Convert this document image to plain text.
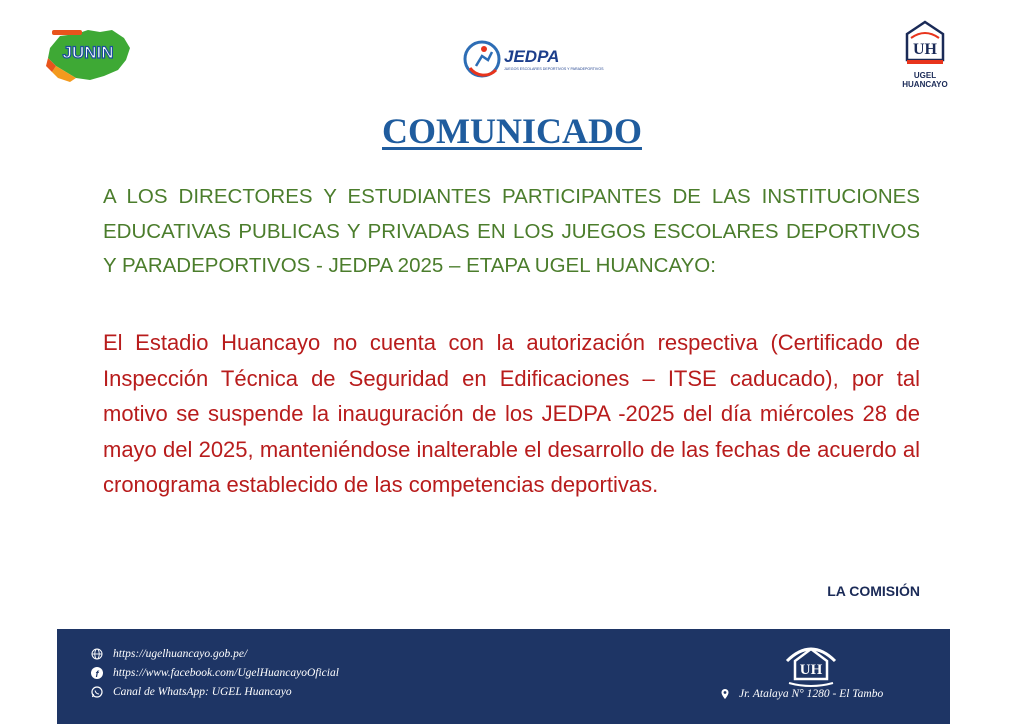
JUNIN	JEDPA
JUEGOS ESCOLARES DEPORTIVOS Y PARADEPORTIVOS
UH
UGEL
HUANCAYO
COMUNICADO
A LOS DIRECTORES Y ESTUDIANTES PARTICIPANTES DE LAS INSTITUCIONES EDUCATIVAS PUBLICAS Y PRIVADAS EN LOS JUEGOS ESCOLARES DEPORTIVOS Y PARADEPORTIVOS - JEDPA 2025 – ETAPA UGEL HUANCAYO:
El Estadio Huancayo no cuenta con la autorización respectiva (Certificado de Inspección Técnica de Seguridad en Edificaciones – ITSE caducado), por tal motivo se suspende la inauguración de los JEDPA -2025 del día miércoles 28 de mayo del 2025, manteniéndose inalterable el desarrollo de las fechas de acuerdo al cronograma establecido de las competencias deportivas.
LA COMISIÓN
https://ugelhuancayo.gob.pe/
f https://www.facebook.com/UgelHuancayoOficial
Canal de WhatsApp: UGEL Huancayo
UH
Jr. Atalaya N° 1280 - El Tambo
